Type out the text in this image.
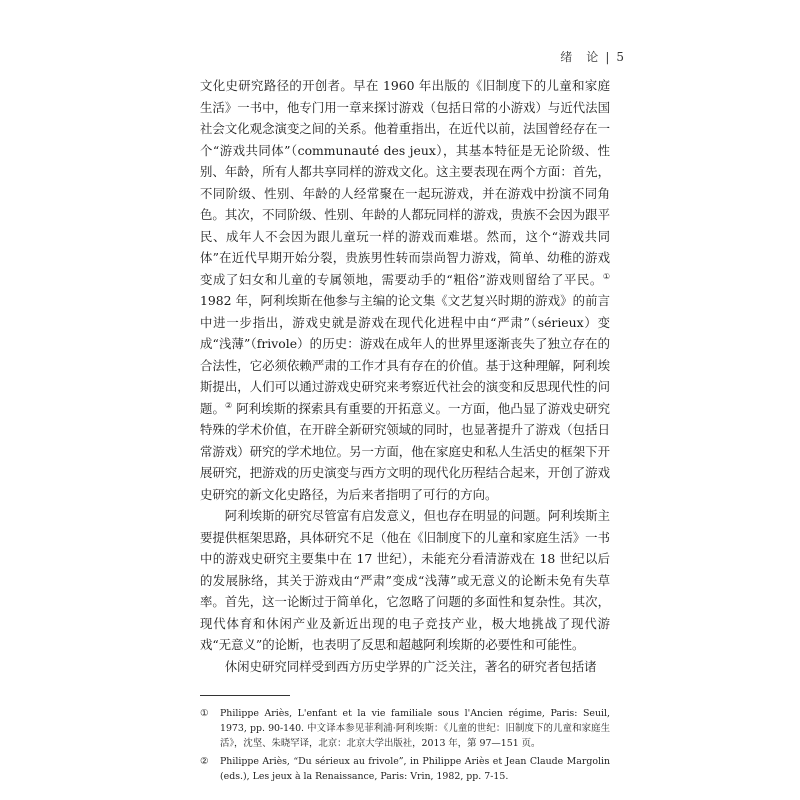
绪　论 | 5

文化史研究路径的开创者。早在 1960 年出版的《旧制度下的儿童和家庭生活》一书中，他专门用一章来探讨游戏（包括日常的小游戏）与近代法国社会文化观念演变之间的关系。他着重指出，在近代以前，法国曾经存在一个“游戏共同体”（communauté des jeux），其基本特征是无论阶级、性别、年龄，所有人都共享同样的游戏文化。这主要表现在两个方面：首先，不同阶级、性别、年龄的人经常聚在一起玩游戏，并在游戏中扮演不同角色。其次，不同阶级、性别、年龄的人都玩同样的游戏，贵族不会因为跟平民、成年人不会因为跟儿童玩一样的游戏而难堪。然而，这个“游戏共同体”在近代早期开始分裂，贵族男性转而崇尚智力游戏，简单、幼稚的游戏变成了妇女和儿童的专属领地，需要动手的“粗俗”游戏则留给了平民。① 1982 年，阿利埃斯在他参与主编的论文集《文艺复兴时期的游戏》的前言中进一步指出，游戏史就是游戏在现代化进程中由“严肃”（sérieux）变成“浅薄”（frivole）的历史：游戏在成年人的世界里逐渐丧失了独立存在的合法性，它必须依赖严肃的工作才具有存在的价值。基于这种理解，阿利埃斯提出，人们可以通过游戏史研究来考察近代社会的演变和反思现代性的问题。② 阿利埃斯的探索具有重要的开拓意义。一方面，他凸显了游戏史研究特殊的学术价值，在开辟全新研究领域的同时，也显著提升了游戏（包括日常游戏）研究的学术地位。另一方面，他在家庭史和私人生活史的框架下开展研究，把游戏的历史演变与西方文明的现代化历程结合起来，开创了游戏史研究的新文化史路径，为后来者指明了可行的方向。

阿利埃斯的研究尽管富有启发意义，但也存在明显的问题。阿利埃斯主要提供框架思路，具体研究不足（他在《旧制度下的儿童和家庭生活》一书中的游戏史研究主要集中在 17 世纪），未能充分看清游戏在 18 世纪以后的发展脉络，其关于游戏由“严肃”变成“浅薄”或无意义的论断未免有失草率。首先，这一论断过于简单化，它忽略了问题的多面性和复杂性。其次，现代体育和休闲产业及新近出现的电子竞技产业，极大地挑战了现代游戏“无意义”的论断，也表明了反思和超越阿利埃斯的必要性和可能性。

休闲史研究同样受到西方历史学界的广泛关注，著名的研究者包括诸

①	Philippe Ariès, L'enfant et la vie familiale sous l'Ancien régime, Paris: Seuil, 1973, pp. 90-140. 中文译本参见菲利浦·阿利埃斯：《儿童的世纪：旧制度下的儿童和家庭生活》，沈坚、朱晓罕译，北京：北京大学出版社，2013 年，第 97—151 页。
②	Philippe Ariès, “Du sérieux au frivole”, in Philippe Ariès et Jean Claude Margolin (eds.), Les jeux à la Renaissance, Paris: Vrin, 1982, pp. 7-15.
